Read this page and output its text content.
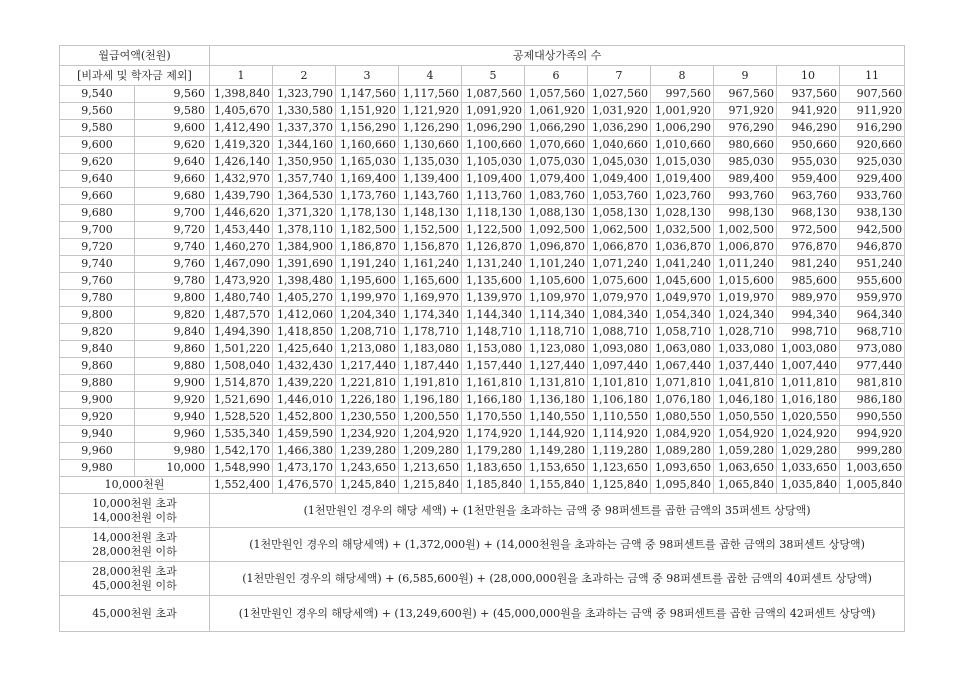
월급여액(천원)		공제대상가족의 수										
[비과세 및 학자금 제외]		1	2	3	4	5	6	7	8	9	10	11
9,540	9,560	1,398,840	1,323,790	1,147,560	1,117,560	1,087,560	1,057,560	1,027,560	997,560	967,560	937,560	907,560
9,560	9,580	1,405,670	1,330,580	1,151,920	1,121,920	1,091,920	1,061,920	1,031,920	1,001,920	971,920	941,920	911,920
9,580	9,600	1,412,490	1,337,370	1,156,290	1,126,290	1,096,290	1,066,290	1,036,290	1,006,290	976,290	946,290	916,290
9,600	9,620	1,419,320	1,344,160	1,160,660	1,130,660	1,100,660	1,070,660	1,040,660	1,010,660	980,660	950,660	920,660
9,620	9,640	1,426,140	1,350,950	1,165,030	1,135,030	1,105,030	1,075,030	1,045,030	1,015,030	985,030	955,030	925,030
9,640	9,660	1,432,970	1,357,740	1,169,400	1,139,400	1,109,400	1,079,400	1,049,400	1,019,400	989,400	959,400	929,400
9,660	9,680	1,439,790	1,364,530	1,173,760	1,143,760	1,113,760	1,083,760	1,053,760	1,023,760	993,760	963,760	933,760
9,680	9,700	1,446,620	1,371,320	1,178,130	1,148,130	1,118,130	1,088,130	1,058,130	1,028,130	998,130	968,130	938,130
9,700	9,720	1,453,440	1,378,110	1,182,500	1,152,500	1,122,500	1,092,500	1,062,500	1,032,500	1,002,500	972,500	942,500
9,720	9,740	1,460,270	1,384,900	1,186,870	1,156,870	1,126,870	1,096,870	1,066,870	1,036,870	1,006,870	976,870	946,870
9,740	9,760	1,467,090	1,391,690	1,191,240	1,161,240	1,131,240	1,101,240	1,071,240	1,041,240	1,011,240	981,240	951,240
9,760	9,780	1,473,920	1,398,480	1,195,600	1,165,600	1,135,600	1,105,600	1,075,600	1,045,600	1,015,600	985,600	955,600
9,780	9,800	1,480,740	1,405,270	1,199,970	1,169,970	1,139,970	1,109,970	1,079,970	1,049,970	1,019,970	989,970	959,970
9,800	9,820	1,487,570	1,412,060	1,204,340	1,174,340	1,144,340	1,114,340	1,084,340	1,054,340	1,024,340	994,340	964,340
9,820	9,840	1,494,390	1,418,850	1,208,710	1,178,710	1,148,710	1,118,710	1,088,710	1,058,710	1,028,710	998,710	968,710
9,840	9,860	1,501,220	1,425,640	1,213,080	1,183,080	1,153,080	1,123,080	1,093,080	1,063,080	1,033,080	1,003,080	973,080
9,860	9,880	1,508,040	1,432,430	1,217,440	1,187,440	1,157,440	1,127,440	1,097,440	1,067,440	1,037,440	1,007,440	977,440
9,880	9,900	1,514,870	1,439,220	1,221,810	1,191,810	1,161,810	1,131,810	1,101,810	1,071,810	1,041,810	1,011,810	981,810
9,900	9,920	1,521,690	1,446,010	1,226,180	1,196,180	1,166,180	1,136,180	1,106,180	1,076,180	1,046,180	1,016,180	986,180
9,920	9,940	1,528,520	1,452,800	1,230,550	1,200,550	1,170,550	1,140,550	1,110,550	1,080,550	1,050,550	1,020,550	990,550
9,940	9,960	1,535,340	1,459,590	1,234,920	1,204,920	1,174,920	1,144,920	1,114,920	1,084,920	1,054,920	1,024,920	994,920
9,960	9,980	1,542,170	1,466,380	1,239,280	1,209,280	1,179,280	1,149,280	1,119,280	1,089,280	1,059,280	1,029,280	999,280
9,980	10,000	1,548,990	1,473,170	1,243,650	1,213,650	1,183,650	1,153,650	1,123,650	1,093,650	1,063,650	1,033,650	1,003,650
10,000천원		1,552,400	1,476,570	1,245,840	1,215,840	1,185,840	1,155,840	1,125,840	1,095,840	1,065,840	1,035,840	1,005,840

10,000천원 초과
14,000천원 이하		(1천만원인 경우의 해당 세액) + (1천만원을 초과하는 금액 중 98퍼센트를 곱한 금액의 35퍼센트 상당액)										

14,000천원 초과
28,000천원 이하		(1천만원인 경우의 해당세액) + (1,372,000원) + (14,000천원을 초과하는 금액 중 98퍼센트를 곱한 금액의 38퍼센트 상당액)										

28,000천원 초과
45,000천원 이하		(1천만원인 경우의 해당세액) + (6,585,600원) + (28,000,000원을 초과하는 금액 중 98퍼센트를 곱한 금액의 40퍼센트 상당액)										

45,000천원 초과		(1천만원인 경우의 해당세액) + (13,249,600원) + (45,000,000원을 초과하는 금액 중 98퍼센트를 곱한 금액의 42퍼센트 상당액)										
